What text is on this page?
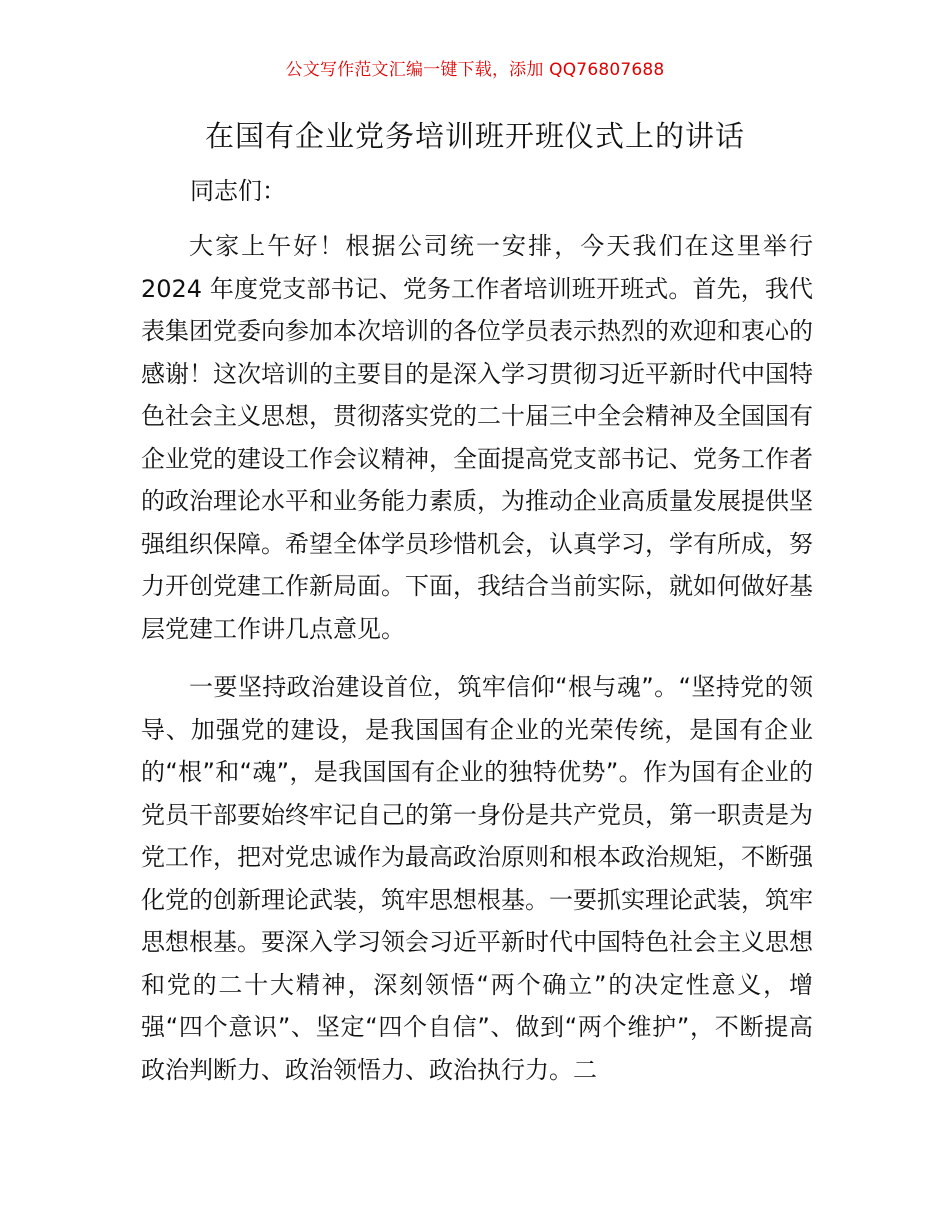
公文写作范文汇编一键下载，添加 QQ76807688
在国有企业党务培训班开班仪式上的讲话
同志们：

大家上午好！根据公司统一安排，今天我们在这里举行 2024 年度党支部书记、党务工作者培训班开班式。首先，我代表集团党委向参加本次培训的各位学员表示热烈的欢迎和衷心的感谢！这次培训的主要目的是深入学习贯彻习近平新时代中国特色社会主义思想，贯彻落实党的二十届三中全会精神及全国国有企业党的建设工作会议精神，全面提高党支部书记、党务工作者的政治理论水平和业务能力素质，为推动企业高质量发展提供坚强组织保障。希望全体学员珍惜机会，认真学习，学有所成，努力开创党建工作新局面。下面，我结合当前实际，就如何做好基层党建工作讲几点意见。

一要坚持政治建设首位，筑牢信仰“根与魂”。“坚持党的领导、加强党的建设，是我国国有企业的光荣传统，是国有企业的“根”和“魂”，是我国国有企业的独特优势”。作为国有企业的党员干部要始终牢记自己的第一身份是共产党员，第一职责是为党工作，把对党忠诚作为最高政治原则和根本政治规矩，不断强化党的创新理论武装，筑牢思想根基。一要抓实理论武装，筑牢思想根基。要深入学习领会习近平新时代中国特色社会主义思想和党的二十大精神，深刻领悟“两个确立”的决定性意义，增强“四个意识”、坚定“四个自信”、做到“两个维护”，不断提高政治判断力、政治领悟力、政治执行力。二
